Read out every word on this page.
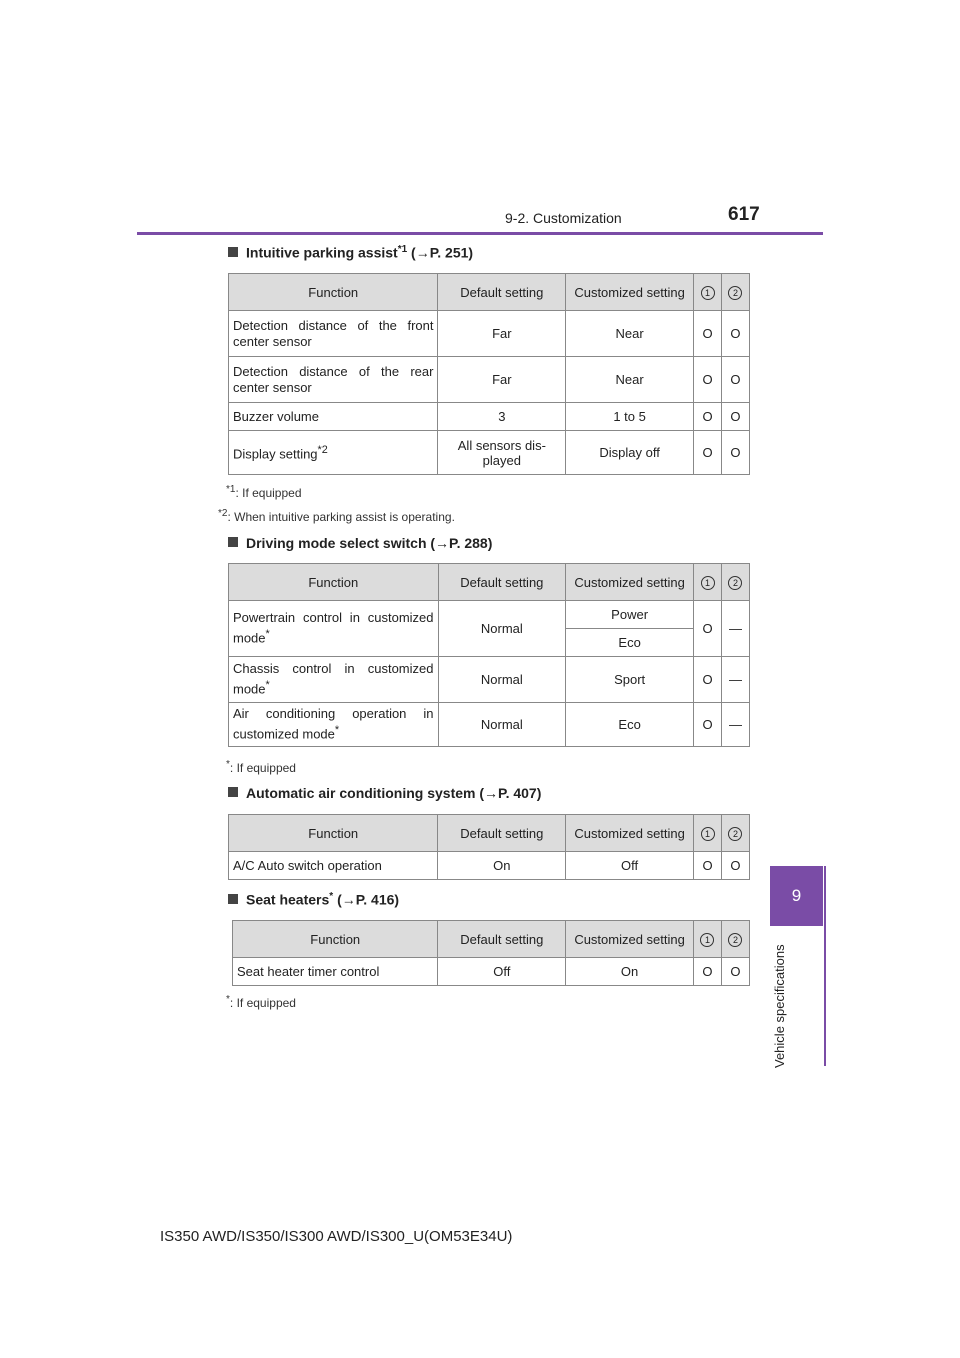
9-2. Customization	617
9
Vehicle specifications
Intuitive parking assist$^{*1}$ (→P. 251)
Function	Default setting	Customized setting	1	2
Detection distance of the front center sensor	Far	Near	O	O
Detection distance of the rear center sensor	Far	Near	O	O
Buzzer volume	3	1 to 5	O	O
Display setting$^{*2}$	All sensors dis- played	Display off	O	O
$^{*1}$: If equipped
$^{*2}$: When intuitive parking assist is operating.
Driving mode select switch (→P. 288)
Function	Default setting	Customized setting	1	2
Powertrain control in customized mode*	Normal	Power	O	—
		Eco		
Chassis control in customized mode*	Normal	Sport	O	—
Air conditioning operation in customized mode*	Normal	Eco	O	—
*: If equipped
Automatic air conditioning system (→P. 407)
Function	Default setting	Customized setting	1	2
A/C Auto switch operation	On	Off	O	O
Seat heaters* (→P. 416)
Function	Default setting	Customized setting	1	2
Seat heater timer control	Off	On	O	O
*: If equipped
IS350 AWD/IS350/IS300 AWD/IS300_U(OM53E34U)
